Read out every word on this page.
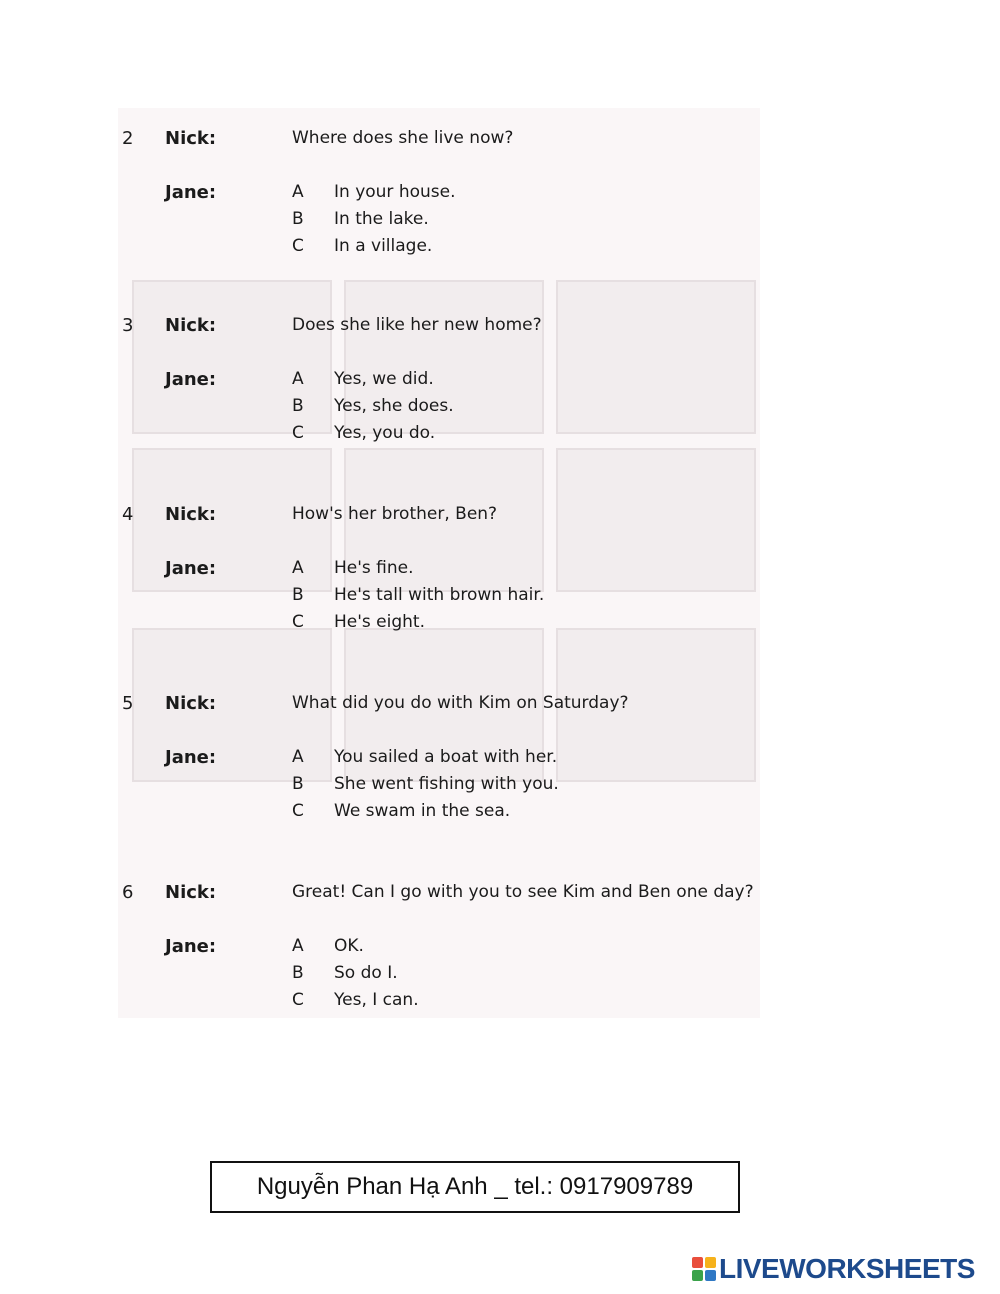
2 Nick:	Where does she live now?
Jane:	A In your house.
B In the lake.
C In a village.
3 Nick:	Does she like her new home?
Jane:	A Yes, we did.
B Yes, she does.
C Yes, you do.
4 Nick:	How's her brother, Ben?
Jane:	A He's fine.
B He's tall with brown hair.
C He's eight.
5 Nick:	What did you do with Kim on Saturday?
Jane:	A You sailed a boat with her.
B She went fishing with you.
C We swam in the sea.
6 Nick:	Great! Can I go with you to see Kim and Ben one day?
Jane:	A OK.
B So do I.
C Yes, I can.
Nguyễn Phan Hạ Anh _ tel.: 0917909789
LIVEWORKSHEETS
